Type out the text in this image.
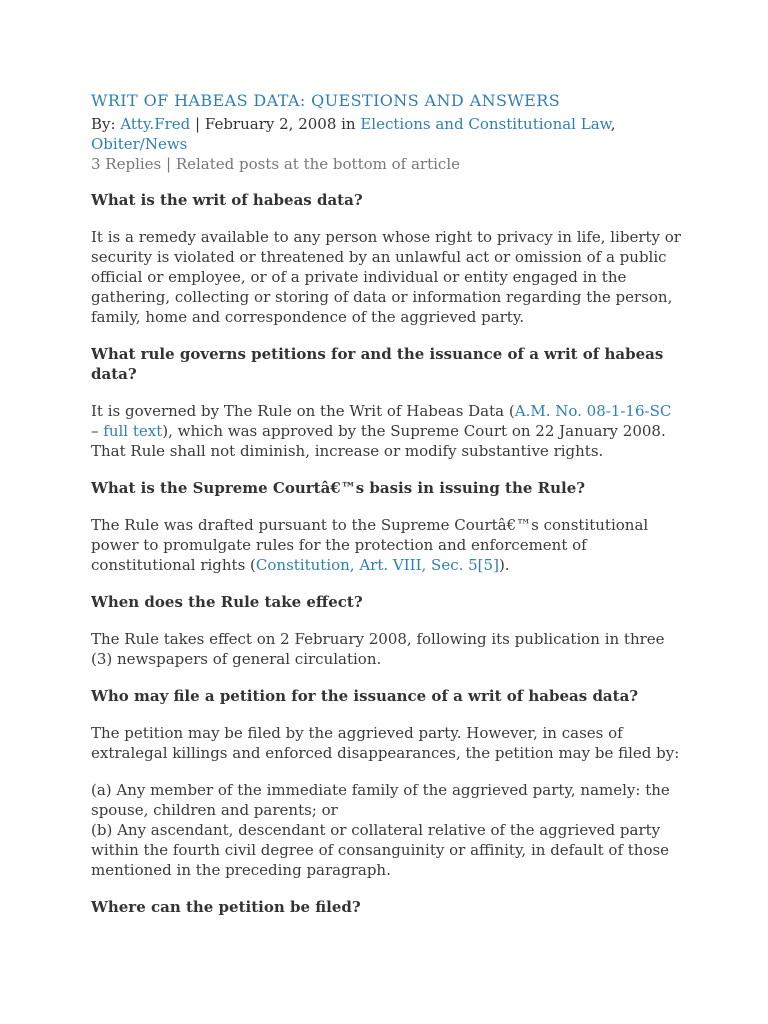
WRIT OF HABEAS DATA: QUESTIONS AND ANSWERS

By: Atty.Fred | February 2, 2008 in Elections and Constitutional Law, Obiter/News

3 Replies | Related posts at the bottom of article

What is the writ of habeas data?

It is a remedy available to any person whose right to privacy in life, liberty or security is violated or threatened by an unlawful act or omission of a public official or employee, or of a private individual or entity engaged in the gathering, collecting or storing of data or information regarding the person, family, home and correspondence of the aggrieved party.

What rule governs petitions for and the issuance of a writ of habeas data?

It is governed by The Rule on the Writ of Habeas Data (A.M. No. 08-1-16-SC – full text), which was approved by the Supreme Court on 22 January 2008. That Rule shall not diminish, increase or modify substantive rights.

What is the Supreme Courtâ€™s basis in issuing the Rule?

The Rule was drafted pursuant to the Supreme Courtâ€™s constitutional power to promulgate rules for the protection and enforcement of constitutional rights (Constitution, Art. VIII, Sec. 5[5]).

When does the Rule take effect?

The Rule takes effect on 2 February 2008, following its publication in three (3) newspapers of general circulation.

Who may file a petition for the issuance of a writ of habeas data?

The petition may be filed by the aggrieved party. However, in cases of extralegal killings and enforced disappearances, the petition may be filed by:

(a) Any member of the immediate family of the aggrieved party, namely: the spouse, children and parents; or

(b) Any ascendant, descendant or collateral relative of the aggrieved party within the fourth civil degree of consanguinity or affinity, in default of those mentioned in the preceding paragraph.

Where can the petition be filed?
